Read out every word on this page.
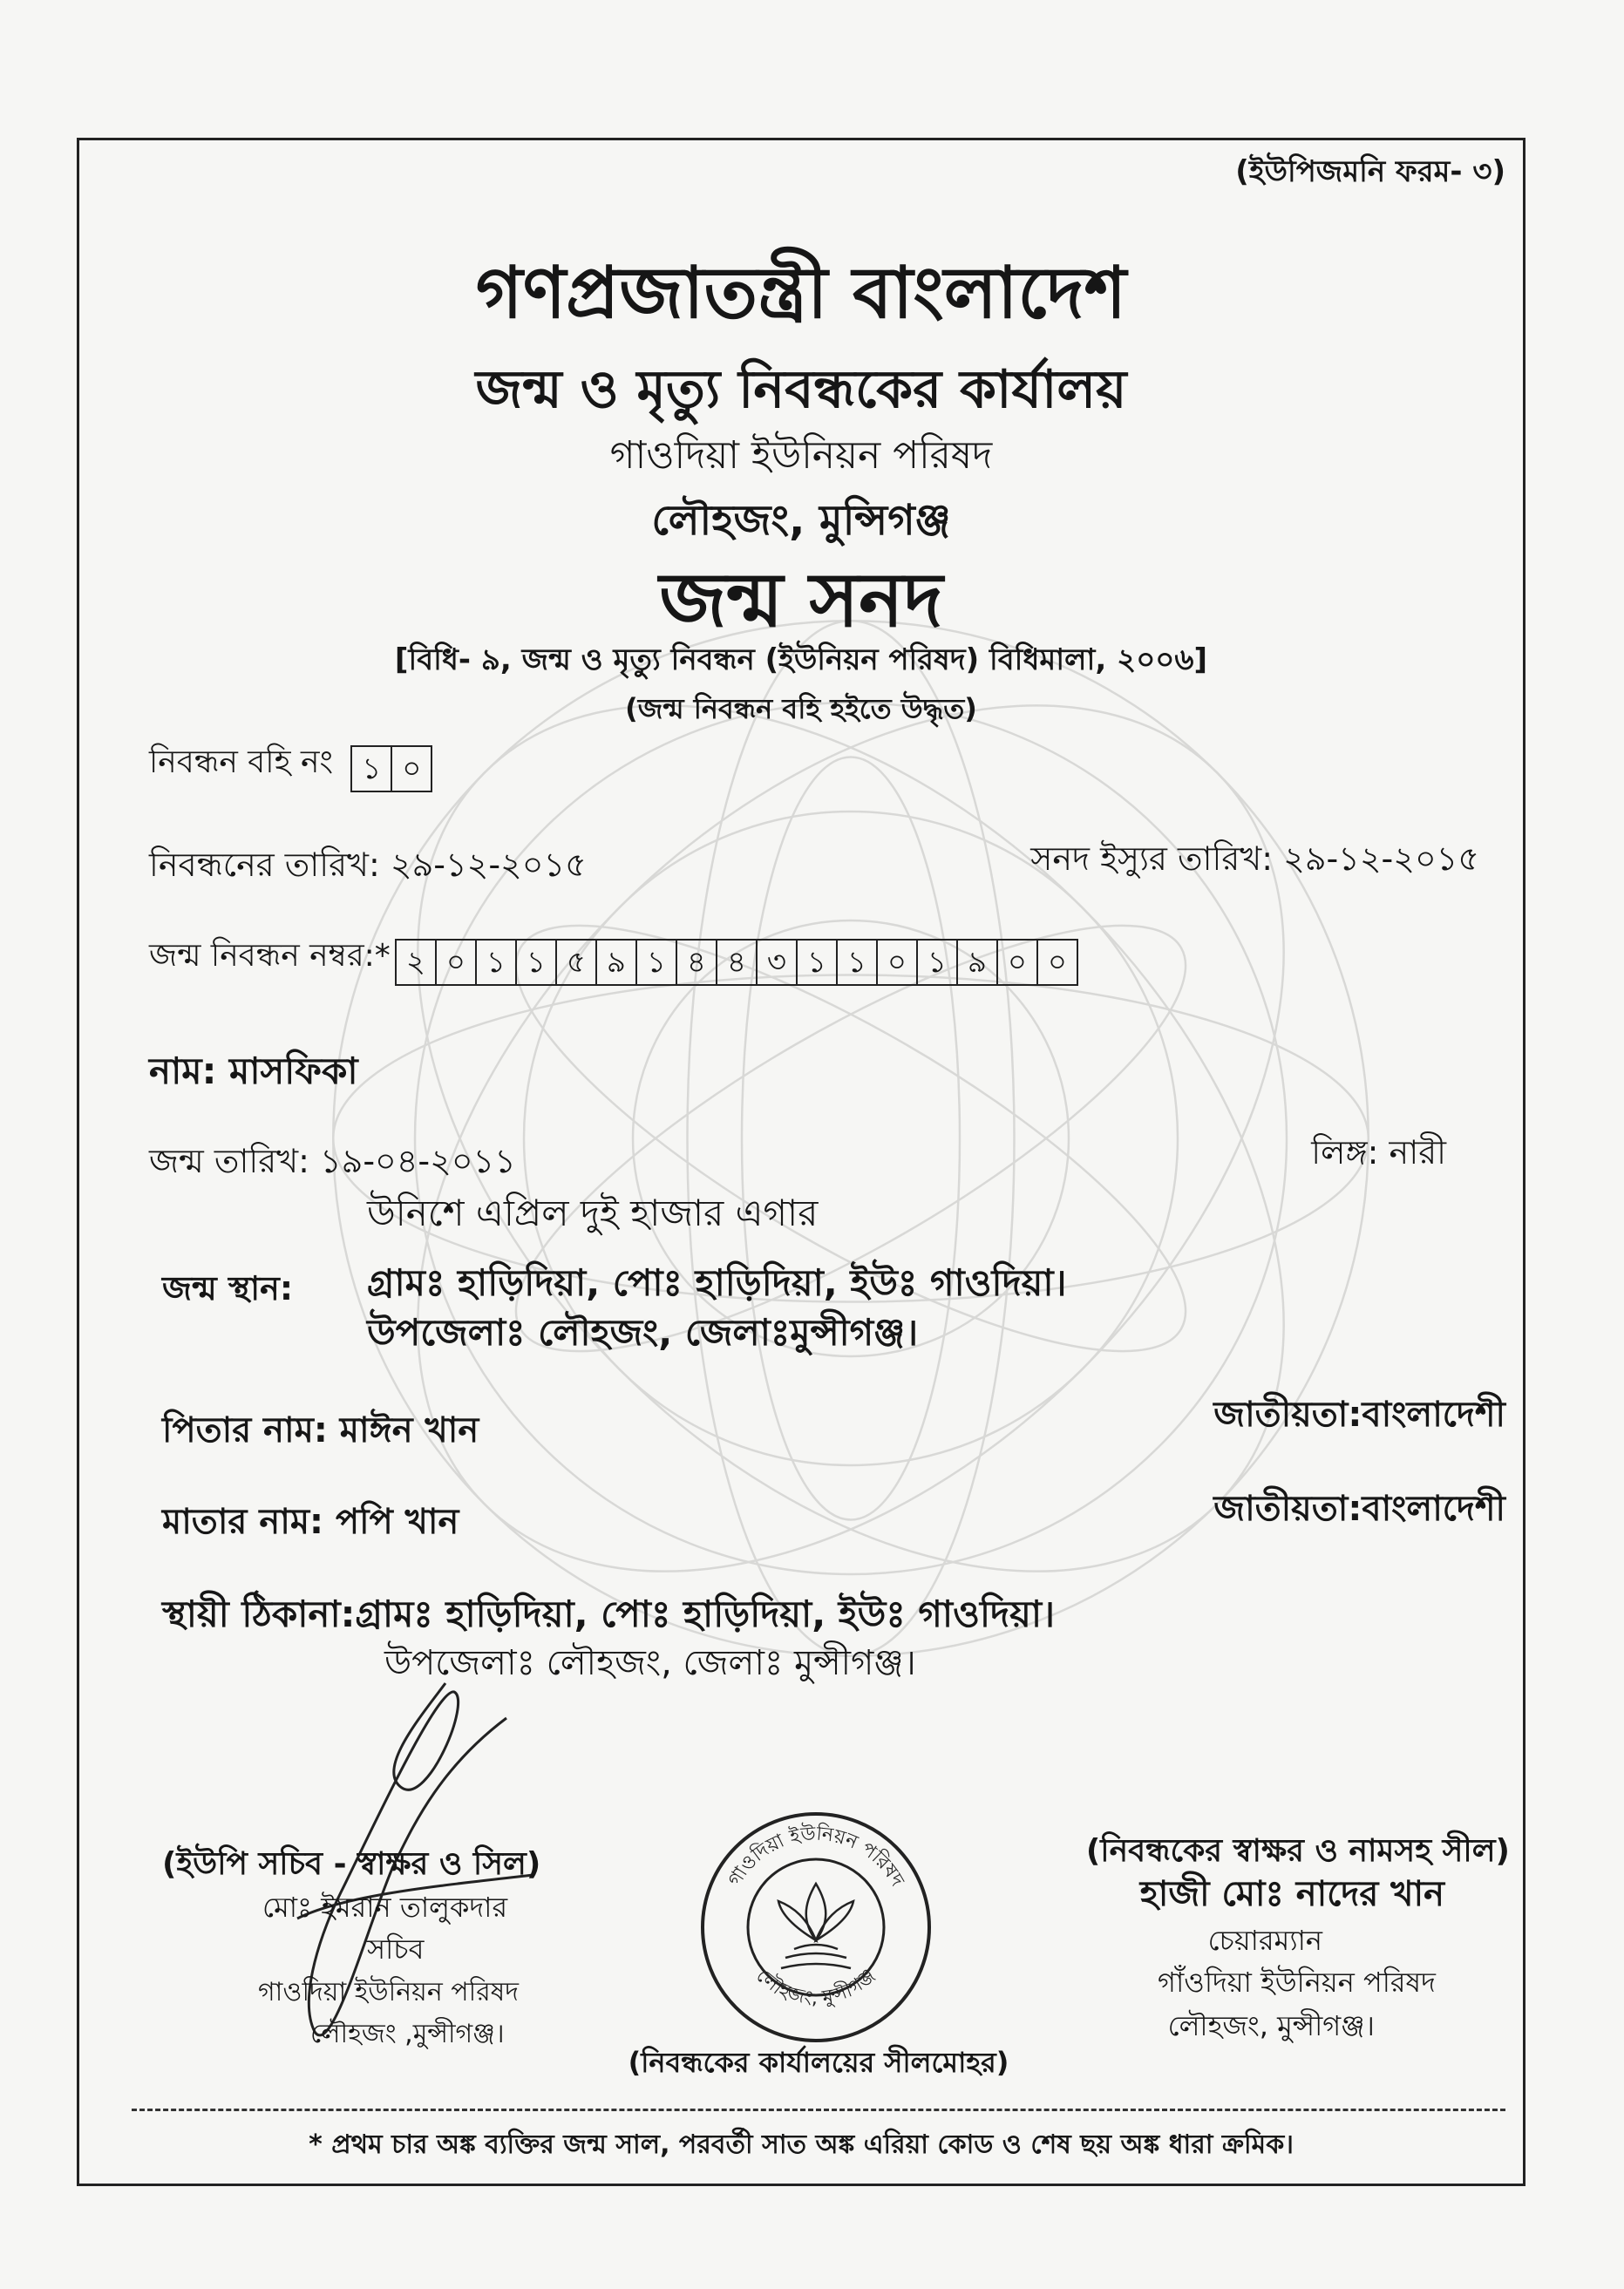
(ইউপিজমনি ফরম- ৩)
গণপ্রজাতন্ত্রী বাংলাদেশ
জন্ম ও মৃত্যু নিবন্ধকের কার্যালয়
গাওদিয়া ইউনিয়ন পরিষদ
লৌহজং, মুন্সিগঞ্জ
জন্ম সনদ
[বিধি- ৯, জন্ম ও মৃত্যু নিবন্ধন (ইউনিয়ন পরিষদ) বিধিমালা, ২০০৬]
(জন্ম নিবন্ধন বহি হইতে উদ্ধৃত)
নিবন্ধন বহি নং ১ ০
নিবন্ধনের তারিখ: ২৯-১২-২০১৫	সনদ ইস্যুর তারিখ: ২৯-১২-২০১৫
জন্ম নিবন্ধন নম্বর:* ২ ০ ১ ১ ৫ ৯ ১ ৪ ৪ ৩ ১ ১ ০ ১ ৯ ০ ০
নাম: মাসফিকা
জন্ম তারিখ: ১৯-০৪-২০১১	লিঙ্গ: নারী
উনিশে এপ্রিল দুই হাজার এগার
জন্ম স্থান: গ্রামঃ হাড়িদিয়া, পোঃ হাড়িদিয়া, ইউঃ গাওদিয়া।
উপজেলাঃ লৌহজং, জেলাঃমুন্সীগঞ্জ।
পিতার নাম: মাঈন খান	জাতীয়তা:বাংলাদেশী
মাতার নাম: পপি খান	জাতীয়তা:বাংলাদেশী
স্থায়ী ঠিকানা:গ্রামঃ হাড়িদিয়া, পোঃ হাড়িদিয়া, ইউঃ গাওদিয়া।
উপজেলাঃ লৌহজং, জেলাঃ মুন্সীগঞ্জ।
(ইউপি সচিব - স্বাক্ষর ও সিল)
মোঃ ইমরান তালুকদার
সচিব
গাওদিয়া ইউনিয়ন পরিষদ
লৌহজং ,মুন্সীগঞ্জ।
গাওদিয়া ইউনিয়ন পরিষদ
লৌহজং, মুন্সীগঞ্জ
(নিবন্ধকের কার্যালয়ের সীলমোহর)
(নিবন্ধকের স্বাক্ষর ও নামসহ সীল)
হাজী মোঃ নাদের খান
চেয়ারম্যান
গাঁওদিয়া ইউনিয়ন পরিষদ
লৌহজং, মুন্সীগঞ্জ।
* প্রথম চার অঙ্ক ব্যক্তির জন্ম সাল, পরবর্তী সাত অঙ্ক এরিয়া কোড ও শেষ ছয় অঙ্ক ধারা ক্রমিক।
